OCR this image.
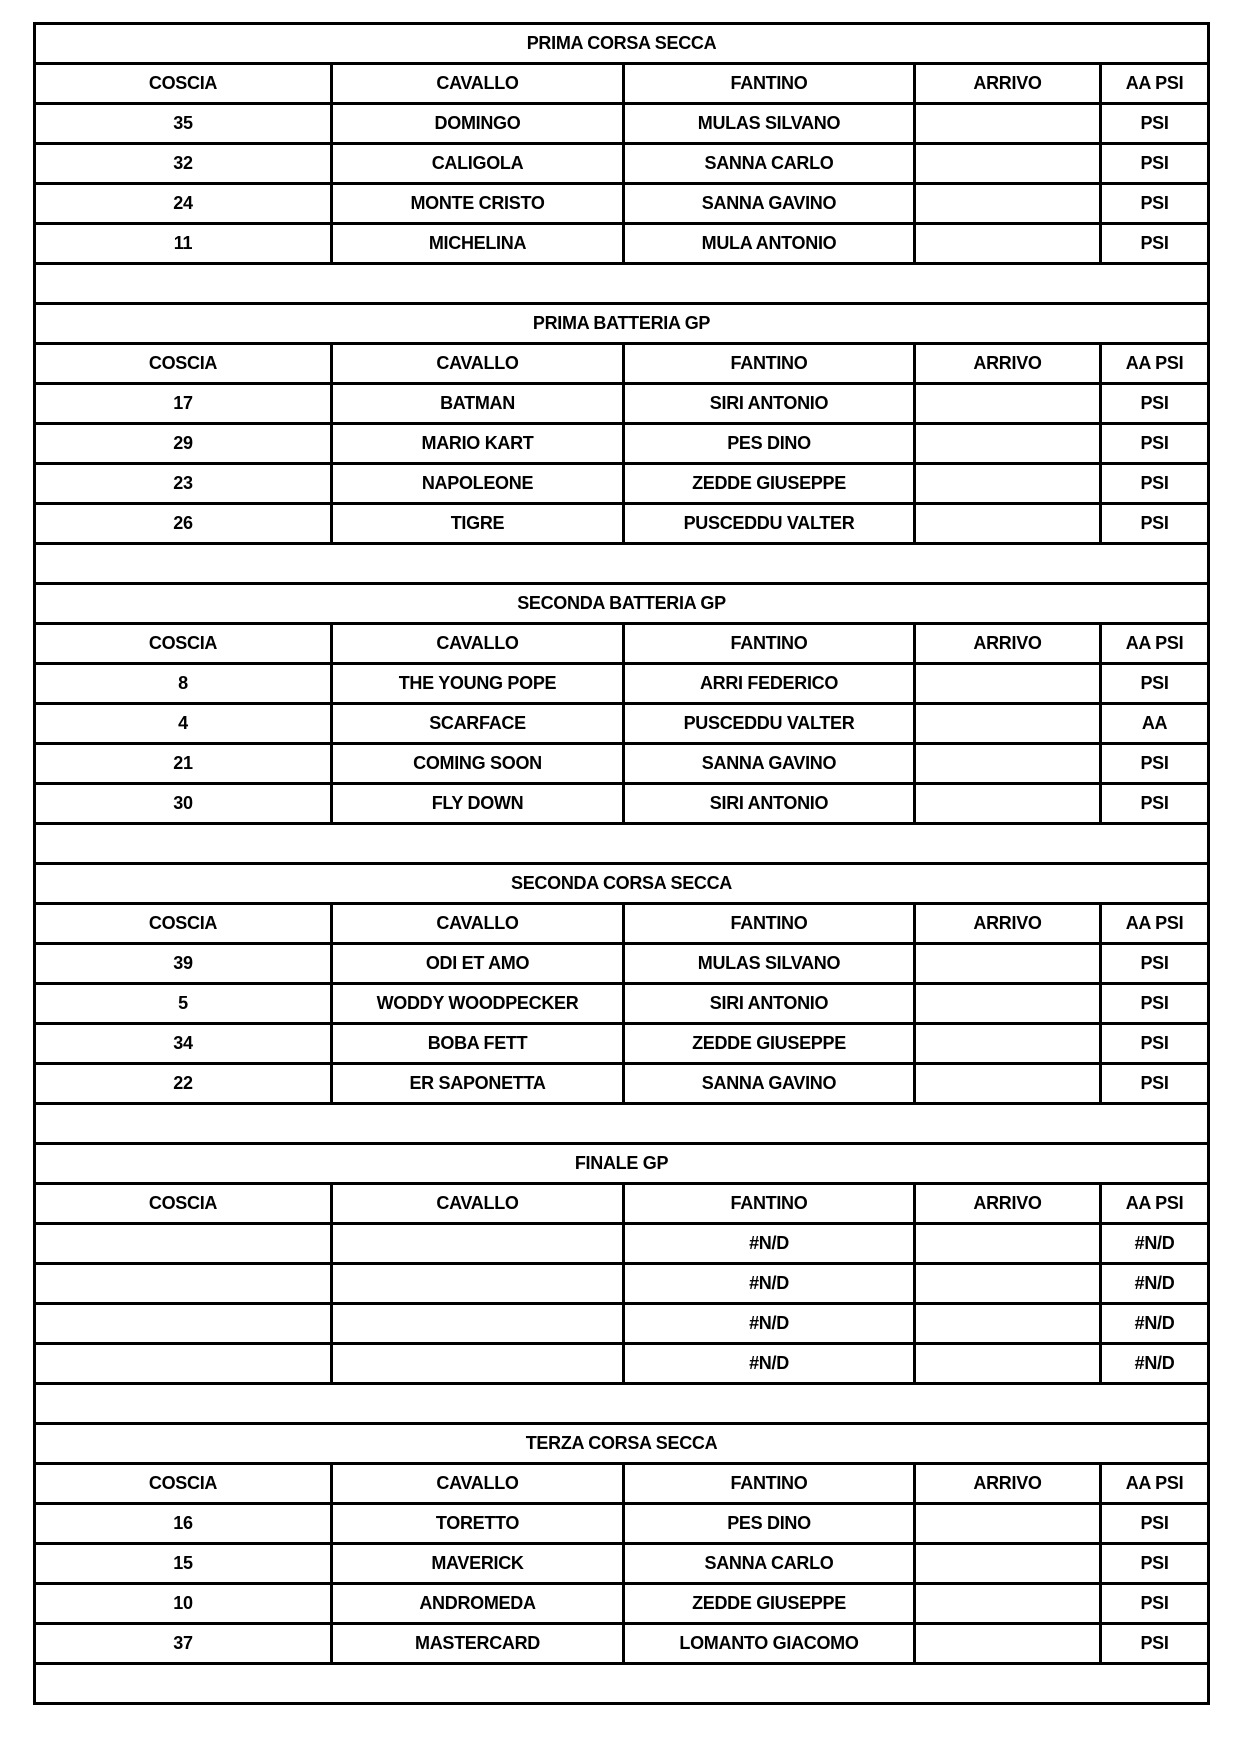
PRIMA CORSA SECCA				
COSCIA	CAVALLO	FANTINO	ARRIVO	AA PSI
35	DOMINGO	MULAS SILVANO		PSI
32	CALIGOLA	SANNA CARLO		PSI
24	MONTE CRISTO	SANNA GAVINO		PSI
11	MICHELINA	MULA ANTONIO		PSI

PRIMA BATTERIA GP				
COSCIA	CAVALLO	FANTINO	ARRIVO	AA PSI
17	BATMAN	SIRI ANTONIO		PSI
29	MARIO KART	PES DINO		PSI
23	NAPOLEONE	ZEDDE GIUSEPPE		PSI
26	TIGRE	PUSCEDDU VALTER		PSI

SECONDA BATTERIA GP				
COSCIA	CAVALLO	FANTINO	ARRIVO	AA PSI
8	THE YOUNG POPE	ARRI FEDERICO		PSI
4	SCARFACE	PUSCEDDU VALTER		AA
21	COMING SOON	SANNA GAVINO		PSI
30	FLY DOWN	SIRI ANTONIO		PSI

SECONDA CORSA SECCA				
COSCIA	CAVALLO	FANTINO	ARRIVO	AA PSI
39	ODI ET AMO	MULAS SILVANO		PSI
5	WODDY WOODPECKER	SIRI ANTONIO		PSI
34	BOBA FETT	ZEDDE GIUSEPPE		PSI
22	ER SAPONETTA	SANNA GAVINO		PSI

FINALE GP				
COSCIA	CAVALLO	FANTINO	ARRIVO	AA PSI
		#N/D		#N/D
		#N/D		#N/D
		#N/D		#N/D
		#N/D		#N/D

TERZA CORSA SECCA				
COSCIA	CAVALLO	FANTINO	ARRIVO	AA PSI
16	TORETTO	PES DINO		PSI
15	MAVERICK	SANNA CARLO		PSI
10	ANDROMEDA	ZEDDE GIUSEPPE		PSI
37	MASTERCARD	LOMANTO GIACOMO		PSI
